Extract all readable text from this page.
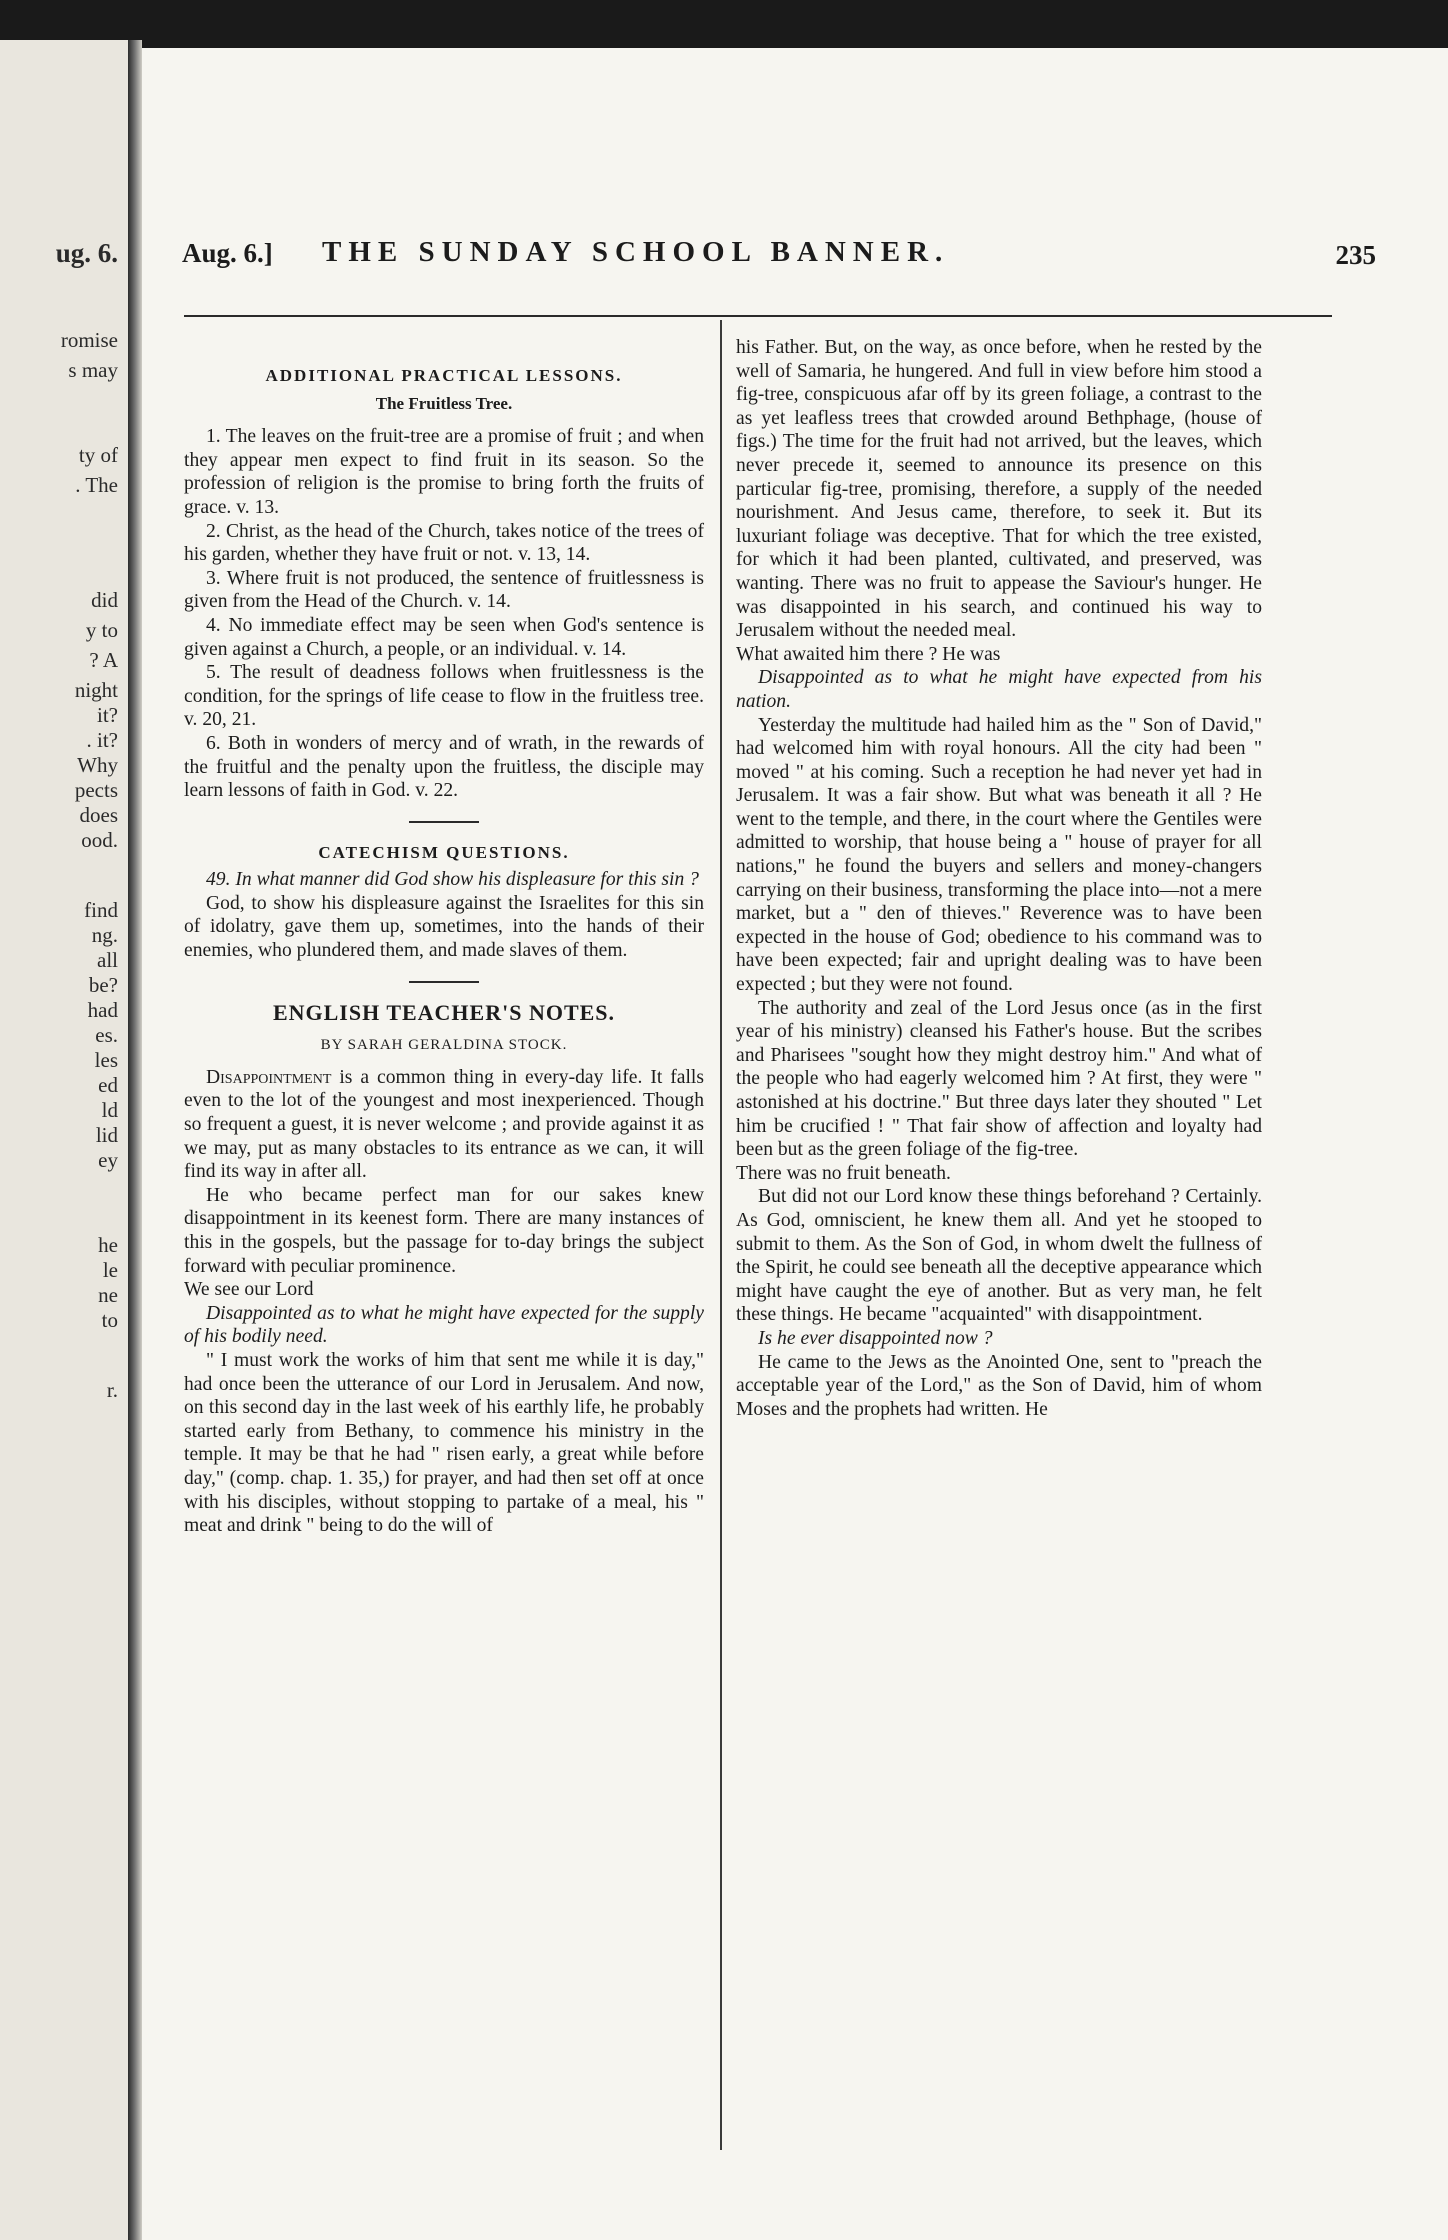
ug. 6.
romise
s may
ty of
. The
did
y to
? A
night
it?
. it?
Why
pects
does
ood.
find
ng.
all
be?
had
es.
les
ed
ld
lid
ey
he
le
ne
to
r.
Aug. 6.] THE SUNDAY SCHOOL BANNER.	235
ADDITIONAL PRACTICAL LESSONS.
The Fruitless Tree.

1. The leaves on the fruit-tree are a promise of fruit ; and when they appear men expect to find fruit in its season. So the profession of religion is the promise to bring forth the fruits of grace. v. 13.

2. Christ, as the head of the Church, takes notice of the trees of his garden, whether they have fruit or not. v. 13, 14.

3. Where fruit is not produced, the sentence of fruitlessness is given from the Head of the Church. v. 14.

4. No immediate effect may be seen when God's sentence is given against a Church, a people, or an individual. v. 14.

5. The result of deadness follows when fruitlessness is the condition, for the springs of life cease to flow in the fruitless tree. v. 20, 21.

6. Both in wonders of mercy and of wrath, in the rewards of the fruitful and the penalty upon the fruitless, the disciple may learn lessons of faith in God. v. 22.

CATECHISM QUESTIONS.

49. In what manner did God show his displeasure for this sin ?

God, to show his displeasure against the Israelites for this sin of idolatry, gave them up, sometimes, into the hands of their enemies, who plundered them, and made slaves of them.

ENGLISH TEACHER'S NOTES.
BY SARAH GERALDINA STOCK.

Disappointment is a common thing in every-day life. It falls even to the lot of the youngest and most inexperienced. Though so frequent a guest, it is never welcome ; and provide against it as we may, put as many obstacles to its entrance as we can, it will find its way in after all.

He who became perfect man for our sakes knew disappointment in its keenest form. There are many instances of this in the gospels, but the passage for to-day brings the subject forward with peculiar prominence.

We see our Lord

Disappointed as to what he might have expected for the supply of his bodily need.

" I must work the works of him that sent me while it is day," had once been the utterance of our Lord in Jerusalem. And now, on this second day in the last week of his earthly life, he probably started early from Bethany, to commence his ministry in the temple. It may be that he had " risen early, a great while before day," (comp. chap. 1. 35,) for prayer, and had then set off at once with his disciples, without stopping to partake of a meal, his " meat and drink " being to do the will of

his Father. But, on the way, as once before, when he rested by the well of Samaria, he hungered. And full in view before him stood a fig-tree, conspicuous afar off by its green foliage, a contrast to the as yet leafless trees that crowded around Bethphage, (house of figs.) The time for the fruit had not arrived, but the leaves, which never precede it, seemed to announce its presence on this particular fig-tree, promising, therefore, a supply of the needed nourishment. And Jesus came, therefore, to seek it. But its luxuriant foliage was deceptive. That for which the tree existed, for which it had been planted, cultivated, and preserved, was wanting. There was no fruit to appease the Saviour's hunger. He was disappointed in his search, and continued his way to Jerusalem without the needed meal.

What awaited him there ? He was

Disappointed as to what he might have expected from his nation.

Yesterday the multitude had hailed him as the " Son of David," had welcomed him with royal honours. All the city had been " moved " at his coming. Such a reception he had never yet had in Jerusalem. It was a fair show. But what was beneath it all ? He went to the temple, and there, in the court where the Gentiles were admitted to worship, that house being a " house of prayer for all nations," he found the buyers and sellers and money-changers carrying on their business, transforming the place into—not a mere market, but a " den of thieves." Reverence was to have been expected in the house of God; obedience to his command was to have been expected; fair and upright dealing was to have been expected ; but they were not found.

The authority and zeal of the Lord Jesus once (as in the first year of his ministry) cleansed his Father's house. But the scribes and Pharisees "sought how they might destroy him." And what of the people who had eagerly welcomed him ? At first, they were " astonished at his doctrine." But three days later they shouted " Let him be crucified ! " That fair show of affection and loyalty had been but as the green foliage of the fig-tree.

There was no fruit beneath.

But did not our Lord know these things beforehand ? Certainly. As God, omniscient, he knew them all. And yet he stooped to submit to them. As the Son of God, in whom dwelt the fullness of the Spirit, he could see beneath all the deceptive appearance which might have caught the eye of another. But as very man, he felt these things. He became "acquainted" with disappointment.

Is he ever disappointed now ?

He came to the Jews as the Anointed One, sent to "preach the acceptable year of the Lord," as the Son of David, him of whom Moses and the prophets had written. He
